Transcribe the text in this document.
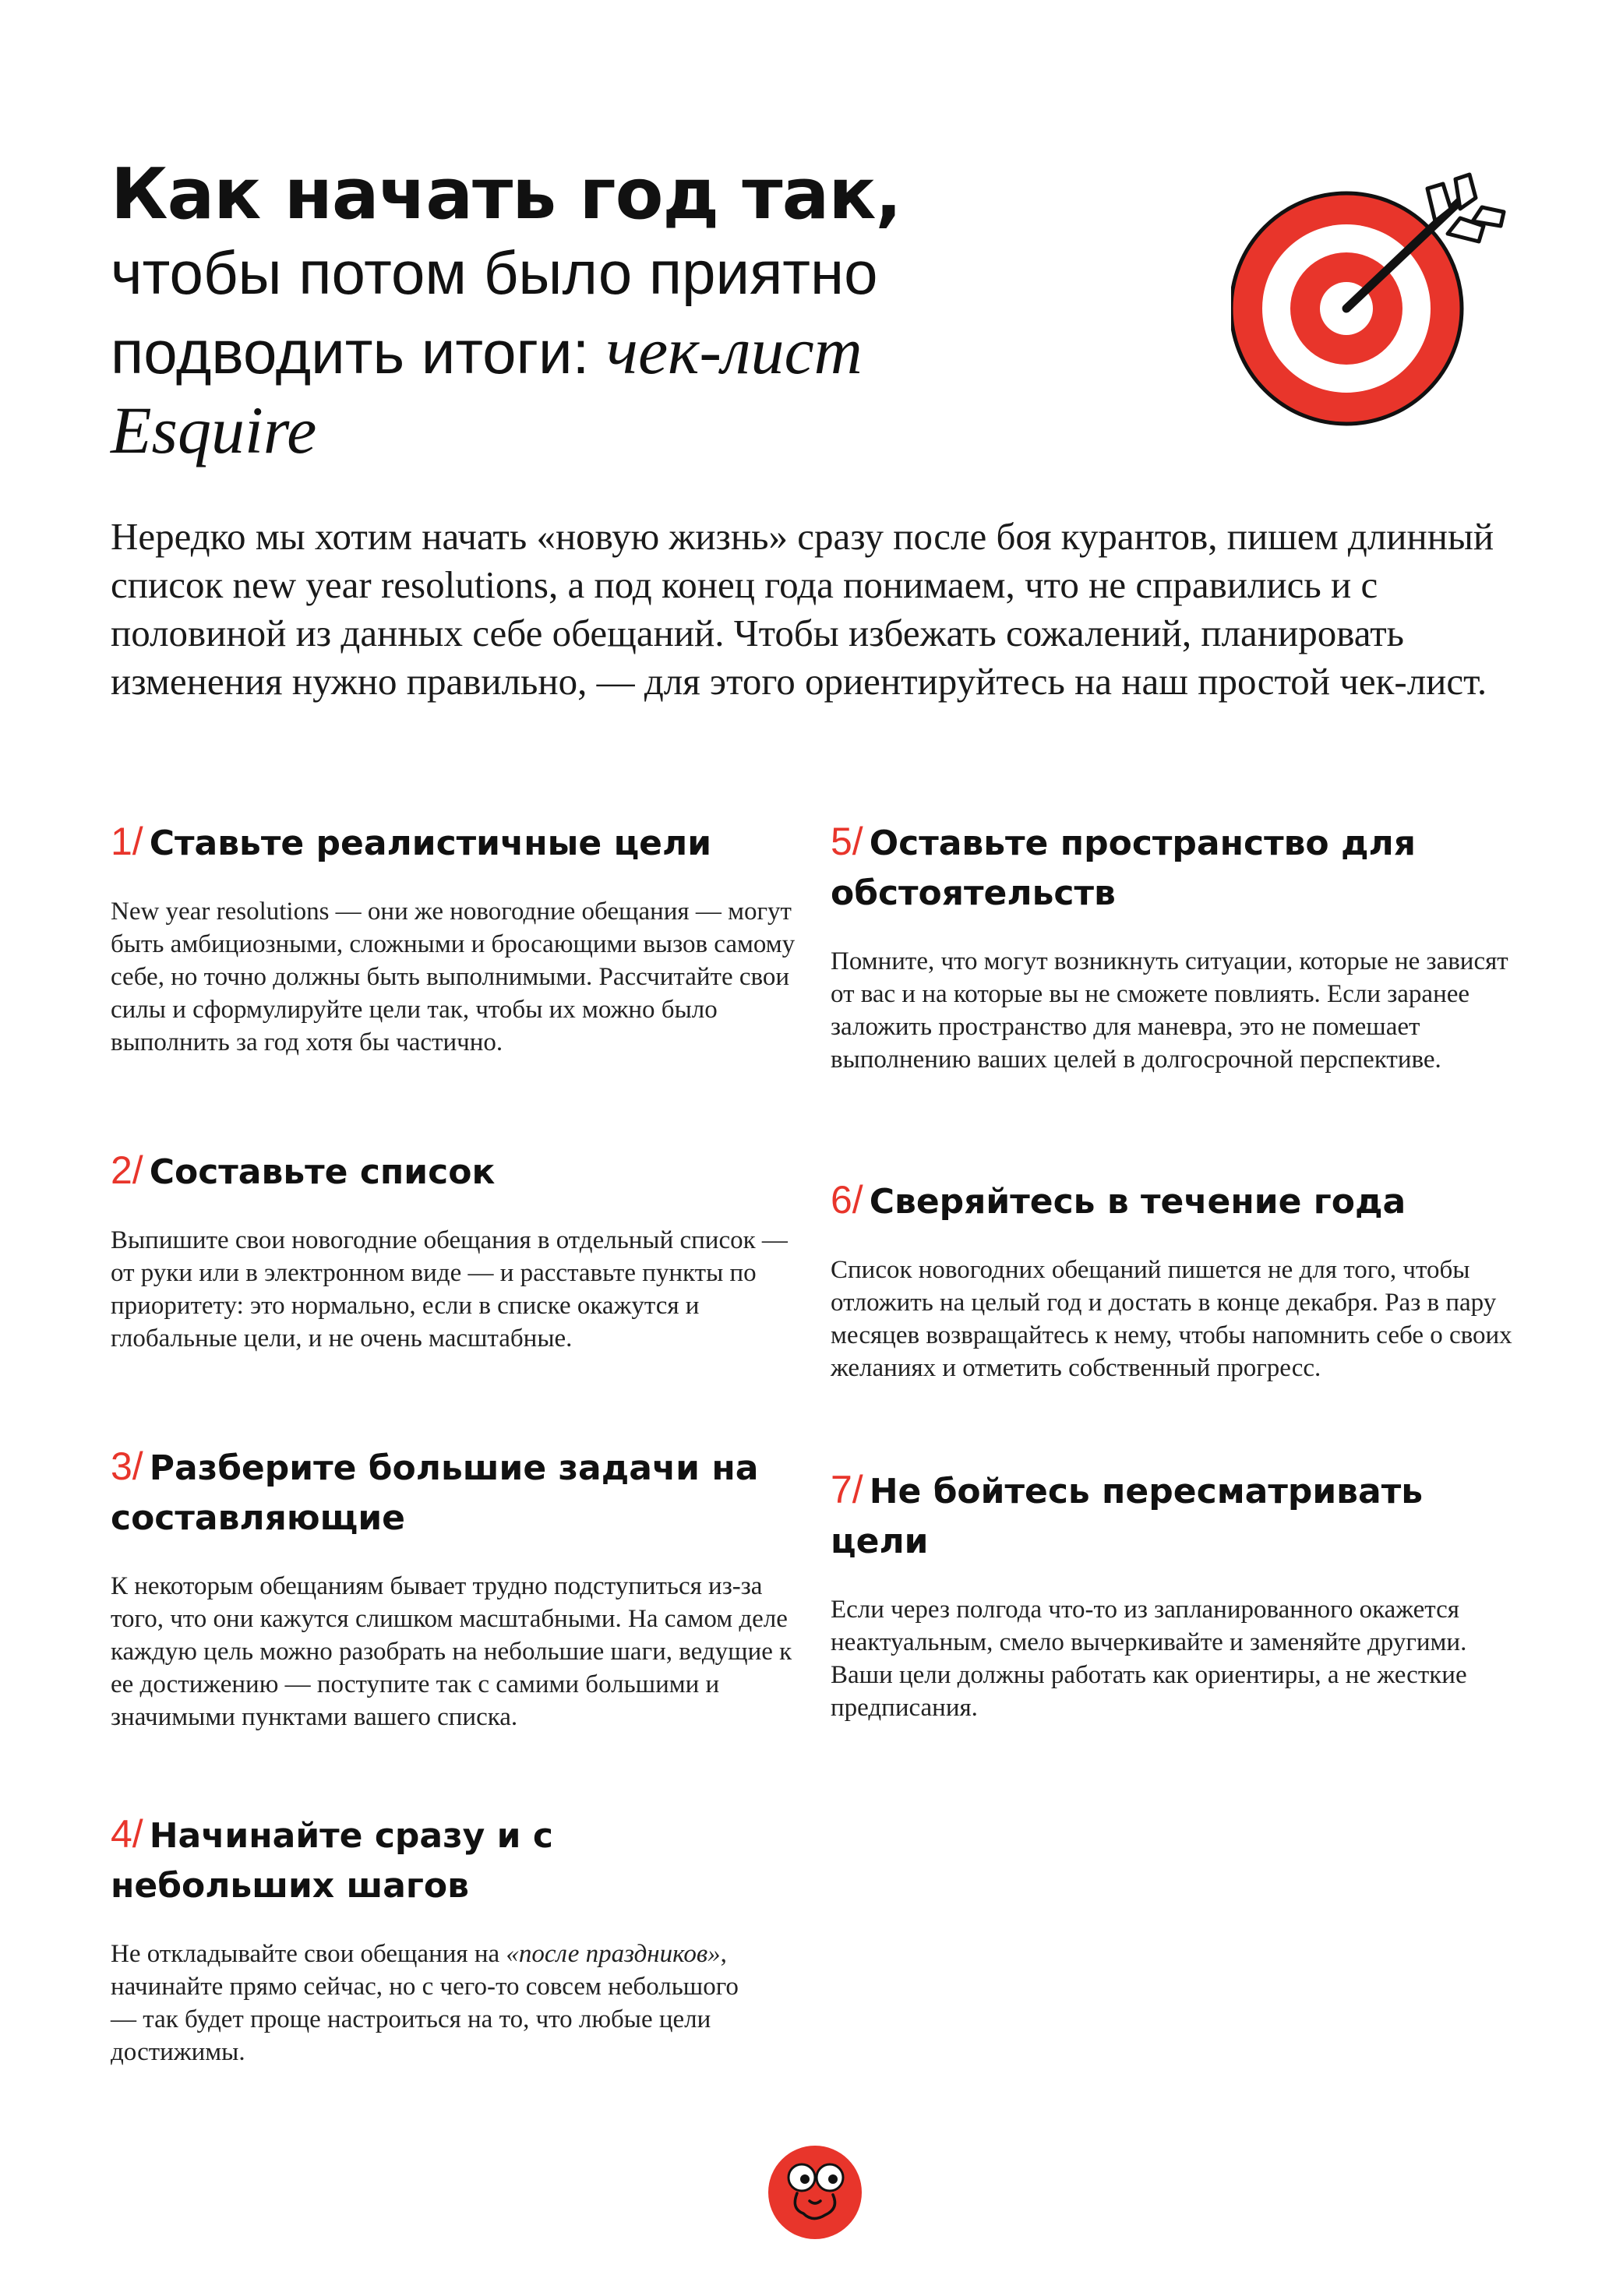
Как начать год так,
чтобы потом было приятно
подводить итоги: чек-лист
Esquire

Нередко мы хотим начать «новую жизнь» сразу после боя курантов, пишем длинный список new year resolutions, а под конец года понимаем, что не справились и с половиной из данных себе обещаний. Чтобы избежать сожалений, планировать изменения нужно правильно, — для этого ориентируйтесь на наш простой чек-лист.

1/ Ставьте реалистичные цели

New year resolutions — они же новогодние обещания — могут быть амбициозными, сложными и бросающими вызов самому себе, но точно должны быть выполнимыми. Рассчитайте свои силы и сформулируйте цели так, чтобы их можно было выполнить за год хотя бы частично.

2/ Составьте список

Выпишите свои новогодние обещания в отдельный список — от руки или в электронном виде — и расставьте пункты по приоритету: это нормально, если в списке окажутся и глобальные цели, и не очень масштабные.

3/ Разберите большие задачи на составляющие

К некоторым обещаниям бывает трудно подступиться из-за того, что они кажутся слишком масштабными. На самом деле каждую цель можно разобрать на небольшие шаги, ведущие к ее достижению — поступите так с самими большими и значимыми пунктами вашего списка.

4/ Начинайте сразу и с небольших шагов

Не откладывайте свои обещания на «после праздников», начинайте прямо сейчас, но с чего-то совсем небольшого — так будет проще настроиться на то, что любые цели достижимы.

5/ Оставьте пространство для обстоятельств

Помните, что могут возникнуть ситуации, которые не зависят от вас и на которые вы не сможете повлиять. Если заранее заложить пространство для маневра, это не помешает выполнению ваших целей в долгосрочной перспективе.

6/ Сверяйтесь в течение года

Список новогодних обещаний пишется не для того, чтобы отложить на целый год и достать в конце декабря. Раз в пару месяцев возвращайтесь к нему, чтобы напомнить себе о своих желаниях и отметить собственный прогресс.

7/ Не бойтесь пересматривать цели

Если через полгода что-то из запланированного окажется неактуальным, смело вычеркивайте и заменяйте другими. Ваши цели должны работать как ориентиры, а не жесткие предписания.
